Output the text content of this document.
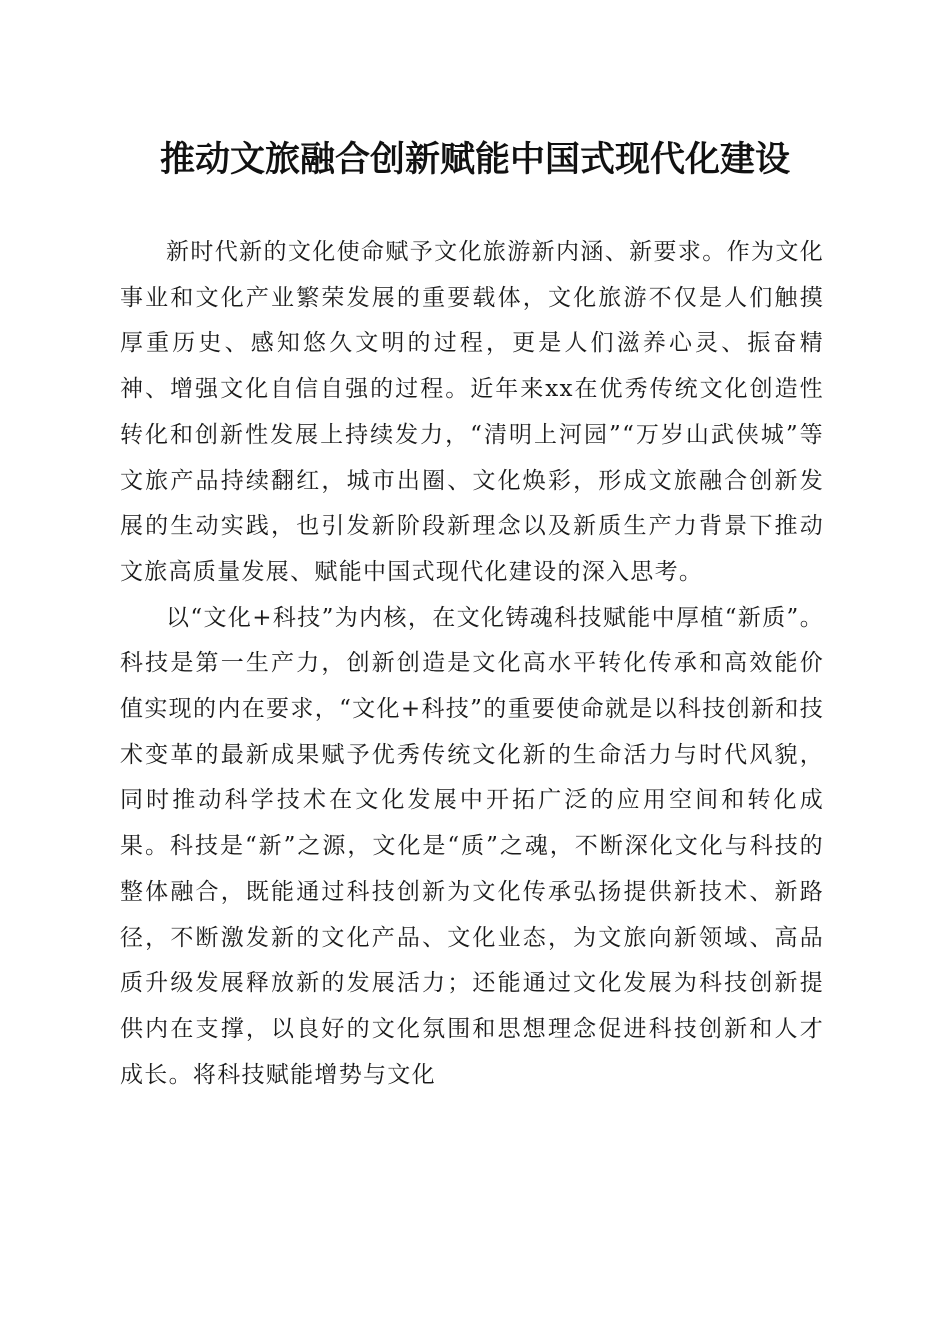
推动文旅融合创新赋能中国式现代化建设

新时代新的文化使命赋予文化旅游新内涵、新要求。作为文化事业和文化产业繁荣发展的重要载体，文化旅游不仅是人们触摸厚重历史、感知悠久文明的过程，更是人们滋养心灵、振奋精神、增强文化自信自强的过程。近年来xx在优秀传统文化创造性转化和创新性发展上持续发力，“清明上河园”“万岁山武侠城”等文旅产品持续翻红，城市出圈、文化焕彩，形成文旅融合创新发展的生动实践，也引发新阶段新理念以及新质生产力背景下推动文旅高质量发展、赋能中国式现代化建设的深入思考。

以“文化+科技”为内核，在文化铸魂科技赋能中厚植“新质”。科技是第一生产力，创新创造是文化高水平转化传承和高效能价值实现的内在要求，“文化+科技”的重要使命就是以科技创新和技术变革的最新成果赋予优秀传统文化新的生命活力与时代风貌，同时推动科学技术在文化发展中开拓广泛的应用空间和转化成果。科技是“新”之源，文化是“质”之魂，不断深化文化与科技的整体融合，既能通过科技创新为文化传承弘扬提供新技术、新路径，不断激发新的文化产品、文化业态，为文旅向新领域、高品质升级发展释放新的发展活力；还能通过文化发展为科技创新提供内在支撑，以良好的文化氛围和思想理念促进科技创新和人才成长。将科技赋能增势与文化
